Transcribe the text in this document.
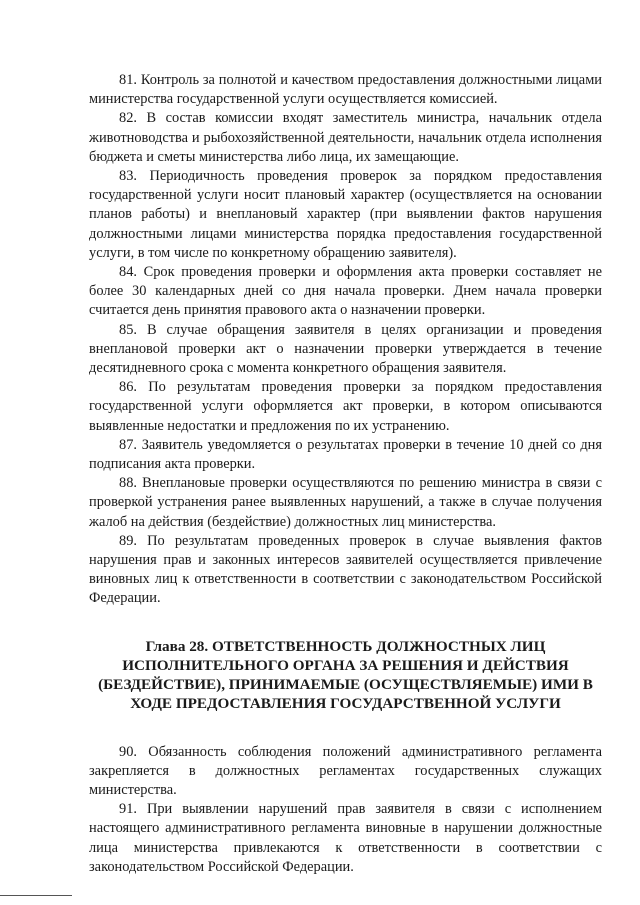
81. Контроль за полнотой и качеством предоставления должностными лицами министерства государственной услуги осуществляется комиссией.

82. В состав комиссии входят заместитель министра, начальник отдела животноводства и рыбохозяйственной деятельности, начальник отдела исполнения бюджета и сметы министерства либо лица, их замещающие.

83. Периодичность проведения проверок за порядком предоставления государственной услуги носит плановый характер (осуществляется на основании планов работы) и внеплановый характер (при выявлении фактов нарушения должностными лицами министерства порядка предоставления государственной услуги, в том числе по конкретному обращению заявителя).

84. Срок проведения проверки и оформления акта проверки составляет не более 30 календарных дней со дня начала проверки. Днем начала проверки считается день принятия правового акта о назначении проверки.

85. В случае обращения заявителя в целях организации и проведения внеплановой проверки акт о назначении проверки утверждается в течение десятидневного срока с момента конкретного обращения заявителя.

86. По результатам проведения проверки за порядком предоставления государственной услуги оформляется акт проверки, в котором описываются выявленные недостатки и предложения по их устранению.

87. Заявитель уведомляется о результатах проверки в течение 10 дней со дня подписания акта проверки.

88. Внеплановые проверки осуществляются по решению министра в связи с проверкой устранения ранее выявленных нарушений, а также в случае получения жалоб на действия (бездействие) должностных лиц министерства.

89. По результатам проведенных проверок в случае выявления фактов нарушения прав и законных интересов заявителей осуществляется привлечение виновных лиц к ответственности в соответствии с законодательством Российской Федерации.

Глава 28. ОТВЕТСТВЕННОСТЬ ДОЛЖНОСТНЫХ ЛИЦ ИСПОЛНИТЕЛЬНОГО ОРГАНА ЗА РЕШЕНИЯ И ДЕЙСТВИЯ (БЕЗДЕЙСТВИЕ), ПРИНИМАЕМЫЕ (ОСУЩЕСТВЛЯЕМЫЕ) ИМИ В ХОДЕ ПРЕДОСТАВЛЕНИЯ ГОСУДАРСТВЕННОЙ УСЛУГИ

90. Обязанность соблюдения положений административного регламента закрепляется в должностных регламентах государственных служащих министерства.

91. При выявлении нарушений прав заявителя в связи с исполнением настоящего административного регламента виновные в нарушении должностные лица министерства привлекаются к ответственности в соответствии с законодательством Российской Федерации.
